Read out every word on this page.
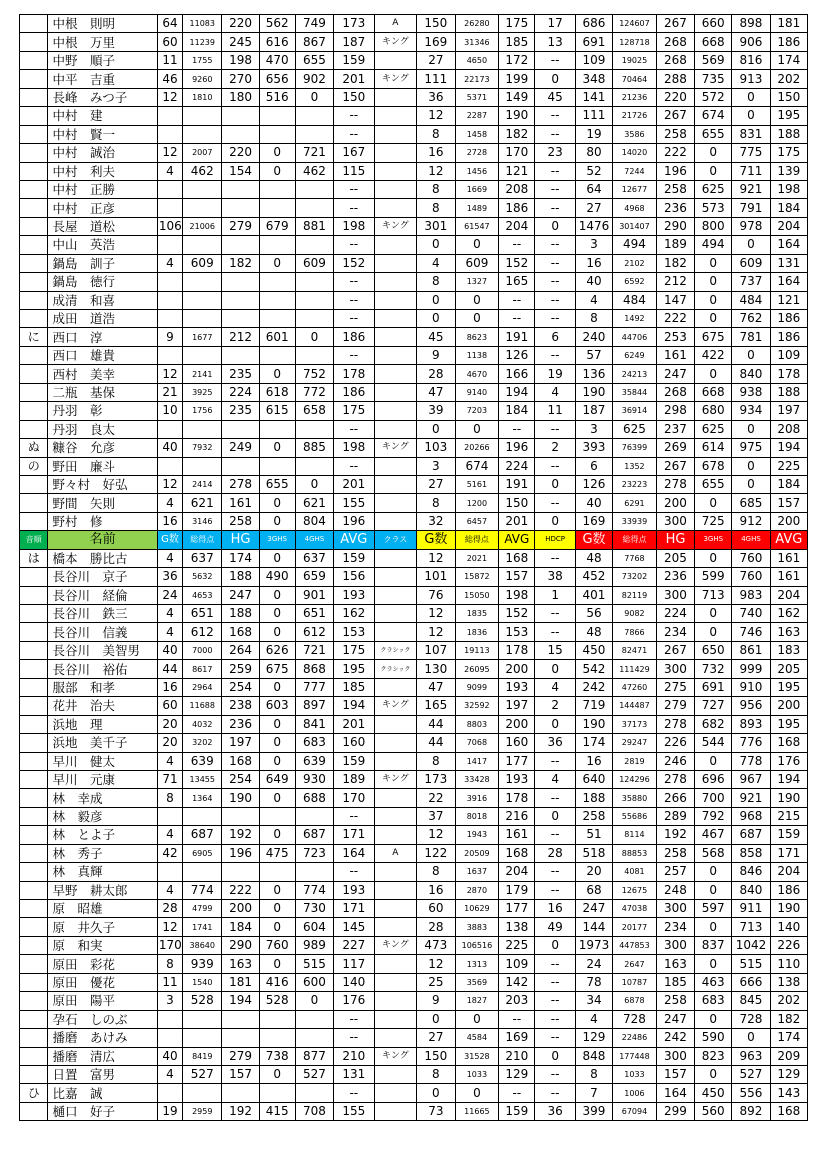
	中根　則明	64	11083	220	562	749	173	A	150	26280	175	17	686	124607	267	660	898	181
	中根　万里	60	11239	245	616	867	187	キング	169	31346	185	13	691	128718	268	668	906	186
	中野　順子	11	1755	198	470	655	159		27	4650	172	--	109	19025	268	569	816	174
	中平　吉重	46	9260	270	656	902	201	キング	111	22173	199	0	348	70464	288	735	913	202
	長峰　みつ子	12	1810	180	516	0	150		36	5371	149	45	141	21236	220	572	0	150
	中村　建						--		12	2287	190	--	111	21726	267	674	0	195
	中村　賢一						--		8	1458	182	--	19	3586	258	655	831	188
	中村　誠治	12	2007	220	0	721	167		16	2728	170	23	80	14020	222	0	775	175
	中村　利夫	4	462	154	0	462	115		12	1456	121	--	52	7244	196	0	711	139
	中村　正勝						--		8	1669	208	--	64	12677	258	625	921	198
	中村　正彦						--		8	1489	186	--	27	4968	236	573	791	184
	長屋　道松	106	21006	279	679	881	198	キング	301	61547	204	0	1476	301407	290	800	978	204
	中山　英浩						--		0	0	--	--	3	494	189	494	0	164
	鍋島　訓子	4	609	182	0	609	152		4	609	152	--	16	2102	182	0	609	131
	鍋島　徳行						--		8	1327	165	--	40	6592	212	0	737	164
	成清　和喜						--		0	0	--	--	4	484	147	0	484	121
	成田　道浩						--		0	0	--	--	8	1492	222	0	762	186
に	西口　淳	9	1677	212	601	0	186		45	8623	191	6	240	44706	253	675	781	186
	西口　雄貴						--		9	1138	126	--	57	6249	161	422	0	109
	西村　美幸	12	2141	235	0	752	178		28	4670	166	19	136	24213	247	0	840	178
	二瓶　基保	21	3925	224	618	772	186		47	9140	194	4	190	35844	268	668	938	188
	丹羽　彰	10	1756	235	615	658	175		39	7203	184	11	187	36914	298	680	934	197
	丹羽　良太						--		0	0	--	--	3	625	237	625	0	208
ぬ	糠谷　允彦	40	7932	249	0	885	198	キング	103	20266	196	2	393	76399	269	614	975	194
の	野田　廉斗						--		3	674	224	--	6	1352	267	678	0	225
	野々村　好弘	12	2414	278	655	0	201		27	5161	191	0	126	23223	278	655	0	184
	野間　矢則	4	621	161	0	621	155		8	1200	150	--	40	6291	200	0	685	157
	野村　修	16	3146	258	0	804	196		32	6457	201	0	169	33939	300	725	912	200
音順	名前	G数	総得点	HG	3GHS	4GHS	AVG	クラス	G数	総得点	AVG	HDCP	G数	総得点	HG	3GHS	4GHS	AVG
は	橋本　勝比古	4	637	174	0	637	159		12	2021	168	--	48	7768	205	0	760	161
	長谷川　京子	36	5632	188	490	659	156		101	15872	157	38	452	73202	236	599	760	161
	長谷川　経倫	24	4653	247	0	901	193		76	15050	198	1	401	82119	300	713	983	204
	長谷川　鉄三	4	651	188	0	651	162		12	1835	152	--	56	9082	224	0	740	162
	長谷川　信義	4	612	168	0	612	153		12	1836	153	--	48	7866	234	0	746	163
	長谷川　美智男	40	7000	264	626	721	175	クラシック	107	19113	178	15	450	82471	267	650	861	183
	長谷川　裕佑	44	8617	259	675	868	195	クラシック	130	26095	200	0	542	111429	300	732	999	205
	服部　和孝	16	2964	254	0	777	185		47	9099	193	4	242	47260	275	691	910	195
	花井　治夫	60	11688	238	603	897	194	キング	165	32592	197	2	719	144487	279	727	956	200
	浜地　理	20	4032	236	0	841	201		44	8803	200	0	190	37173	278	682	893	195
	浜地　美千子	20	3202	197	0	683	160		44	7068	160	36	174	29247	226	544	776	168
	早川　健太	4	639	168	0	639	159		8	1417	177	--	16	2819	246	0	778	176
	早川　元康	71	13455	254	649	930	189	キング	173	33428	193	4	640	124296	278	696	967	194
	林　幸成	8	1364	190	0	688	170		22	3916	178	--	188	35880	266	700	921	190
	林　毅彦						--		37	8018	216	0	258	55686	289	792	968	215
	林　とよ子	4	687	192	0	687	171		12	1943	161	--	51	8114	192	467	687	159
	林　秀子	42	6905	196	475	723	164	A	122	20509	168	28	518	88853	258	568	858	171
	林　真輝						--		8	1637	204	--	20	4081	257	0	846	204
	早野　耕太郎	4	774	222	0	774	193		16	2870	179	--	68	12675	248	0	840	186
	原　昭雄	28	4799	200	0	730	171		60	10629	177	16	247	47038	300	597	911	190
	原　井久子	12	1741	184	0	604	145		28	3883	138	49	144	20177	234	0	713	140
	原　和実	170	38640	290	760	989	227	キング	473	106516	225	0	1973	447853	300	837	1042	226
	原田　彩花	8	939	163	0	515	117		12	1313	109	--	24	2647	163	0	515	110
	原田　優花	11	1540	181	416	600	140		25	3569	142	--	78	10787	185	463	666	138
	原田　陽平	3	528	194	528	0	176		9	1827	203	--	34	6878	258	683	845	202
	孕石　しのぶ						--		0	0	--	--	4	728	247	0	728	182
	播磨　あけみ						--		27	4584	169	--	129	22486	242	590	0	174
	播磨　清広	40	8419	279	738	877	210	キング	150	31528	210	0	848	177448	300	823	963	209
	日置　富男	4	527	157	0	527	131		8	1033	129	--	8	1033	157	0	527	129
ひ	比嘉　誠						--		0	0	--	--	7	1006	164	450	556	143
	樋口　好子	19	2959	192	415	708	155		73	11665	159	36	399	67094	299	560	892	168
